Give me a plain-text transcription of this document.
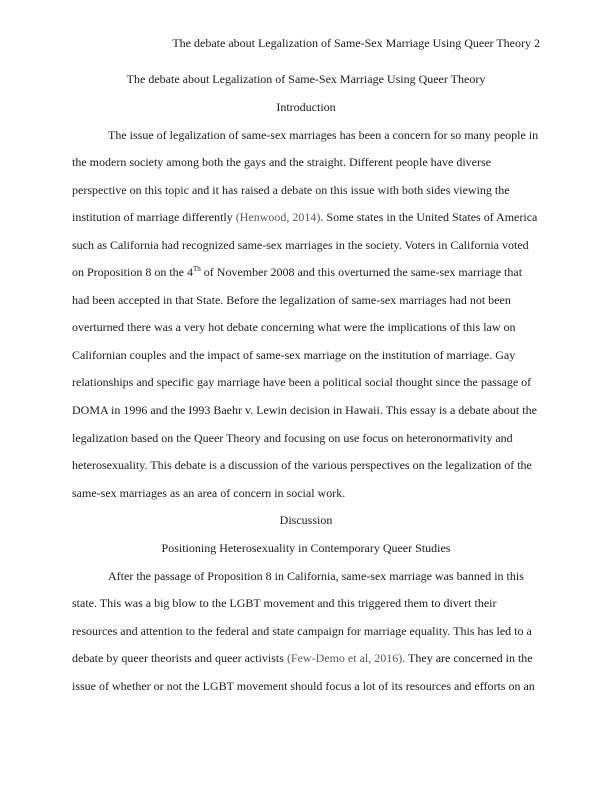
The debate about Legalization of Same-Sex Marriage Using Queer Theory 2
The debate about Legalization of Same-Sex Marriage Using Queer Theory
Introduction
The issue of legalization of same-sex marriages has been a concern for so many people in
the modern society among both the gays and the straight. Different people have diverse
perspective on this topic and it has raised a debate on this issue with both sides viewing the
institution of marriage differently (Henwood, 2014). Some states in the United States of America
such as California had recognized same-sex marriages in the society. Voters in California voted
on Proposition 8 on the 4Th of November 2008 and this overturned the same-sex marriage that
had been accepted in that State. Before the legalization of same-sex marriages had not been
overturned there was a very hot debate concerning what were the implications of this law on
Californian couples and the impact of same-sex marriage on the institution of marriage. Gay
relationships and specific gay marriage have been a political social thought since the passage of
DOMA in 1996 and the I993 Baehr v. Lewin decision in Hawaii. This essay is a debate about the
legalization based on the Queer Theory and focusing on use focus on heteronormativity and
heterosexuality. This debate is a discussion of the various perspectives on the legalization of the
same-sex marriages as an area of concern in social work.
Discussion
Positioning Heterosexuality in Contemporary Queer Studies
After the passage of Proposition 8 in California, same-sex marriage was banned in this
state. This was a big blow to the LGBT movement and this triggered them to divert their
resources and attention to the federal and state campaign for marriage equality. This has led to a
debate by queer theorists and queer activists (Few-Demo et al, 2016). They are concerned in the
issue of whether or not the LGBT movement should focus a lot of its resources and efforts on an
